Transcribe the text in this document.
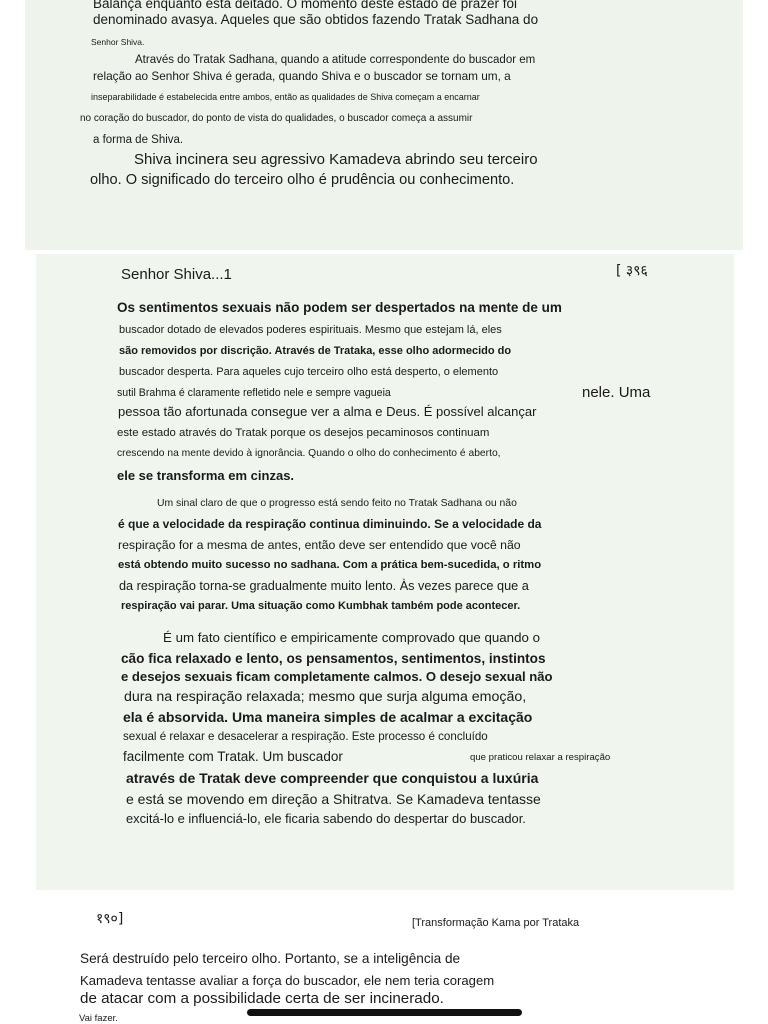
Balança enquanto está deitado. O momento deste estado de prazer foi
denominado avasya. Aqueles que são obtidos fazendo Tratak Sadhana do
Senhor Shiva.
Através do Tratak Sadhana, quando a atitude correspondente do buscador em
relação ao Senhor Shiva é gerada, quando Shiva e o buscador se tornam um, a
inseparabilidade é estabelecida entre ambos, então as qualidades de Shiva começam a encarnar
no coração do buscador, do ponto de vista do qualidades, o buscador começa a assumir
a forma de Shiva.
Shiva incinera seu agressivo Kamadeva abrindo seu terceiro
olho. O significado do terceiro olho é prudência ou conhecimento.
Senhor Shiva...1	[ ३९६
Os sentimentos sexuais não podem ser despertados na mente de um
buscador dotado de elevados poderes espirituais. Mesmo que estejam lá, eles
são removidos por discrição. Através de Trataka, esse olho adormecido do
buscador desperta. Para aqueles cujo terceiro olho está desperto, o elemento
sutil Brahma é claramente refletido nele e sempre vagueia	nele. Uma
pessoa tão afortunada consegue ver a alma e Deus. É possível alcançar
este estado através do Tratak porque os desejos pecaminosos continuam
crescendo na mente devido à ignorância. Quando o olho do conhecimento é aberto,
ele se transforma em cinzas.
Um sinal claro de que o progresso está sendo feito no Tratak Sadhana ou não
é que a velocidade da respiração continua diminuindo. Se a velocidade da
respiração for a mesma de antes, então deve ser entendido que você não
está obtendo muito sucesso no sadhana. Com a prática bem-sucedida, o ritmo
da respiração torna-se gradualmente muito lento. Às vezes parece que a
respiração vai parar. Uma situação como Kumbhak também pode acontecer.
É um fato científico e empiricamente comprovado que quando o
cão fica relaxado e lento, os pensamentos, sentimentos, instintos
e desejos sexuais ficam completamente calmos. O desejo sexual não
dura na respiração relaxada; mesmo que surja alguma emoção,
ela é absorvida. Uma maneira simples de acalmar a excitação
sexual é relaxar e desacelerar a respiração. Este processo é concluído
facilmente com Tratak. Um buscador	que praticou relaxar a respiração
através de Tratak deve compreender que conquistou a luxúria
e está se movendo em direção a Shitratva. Se Kamadeva tentasse
excitá-lo e influenciá-lo, ele ficaria sabendo do despertar do buscador.
१९०]	[Transformação Kama por Trataka
Será destruído pelo terceiro olho. Portanto, se a inteligência de
Kamadeva tentasse avaliar a força do buscador, ele nem teria coragem
de atacar com a possibilidade certa de ser incinerado.
Vai fazer.
